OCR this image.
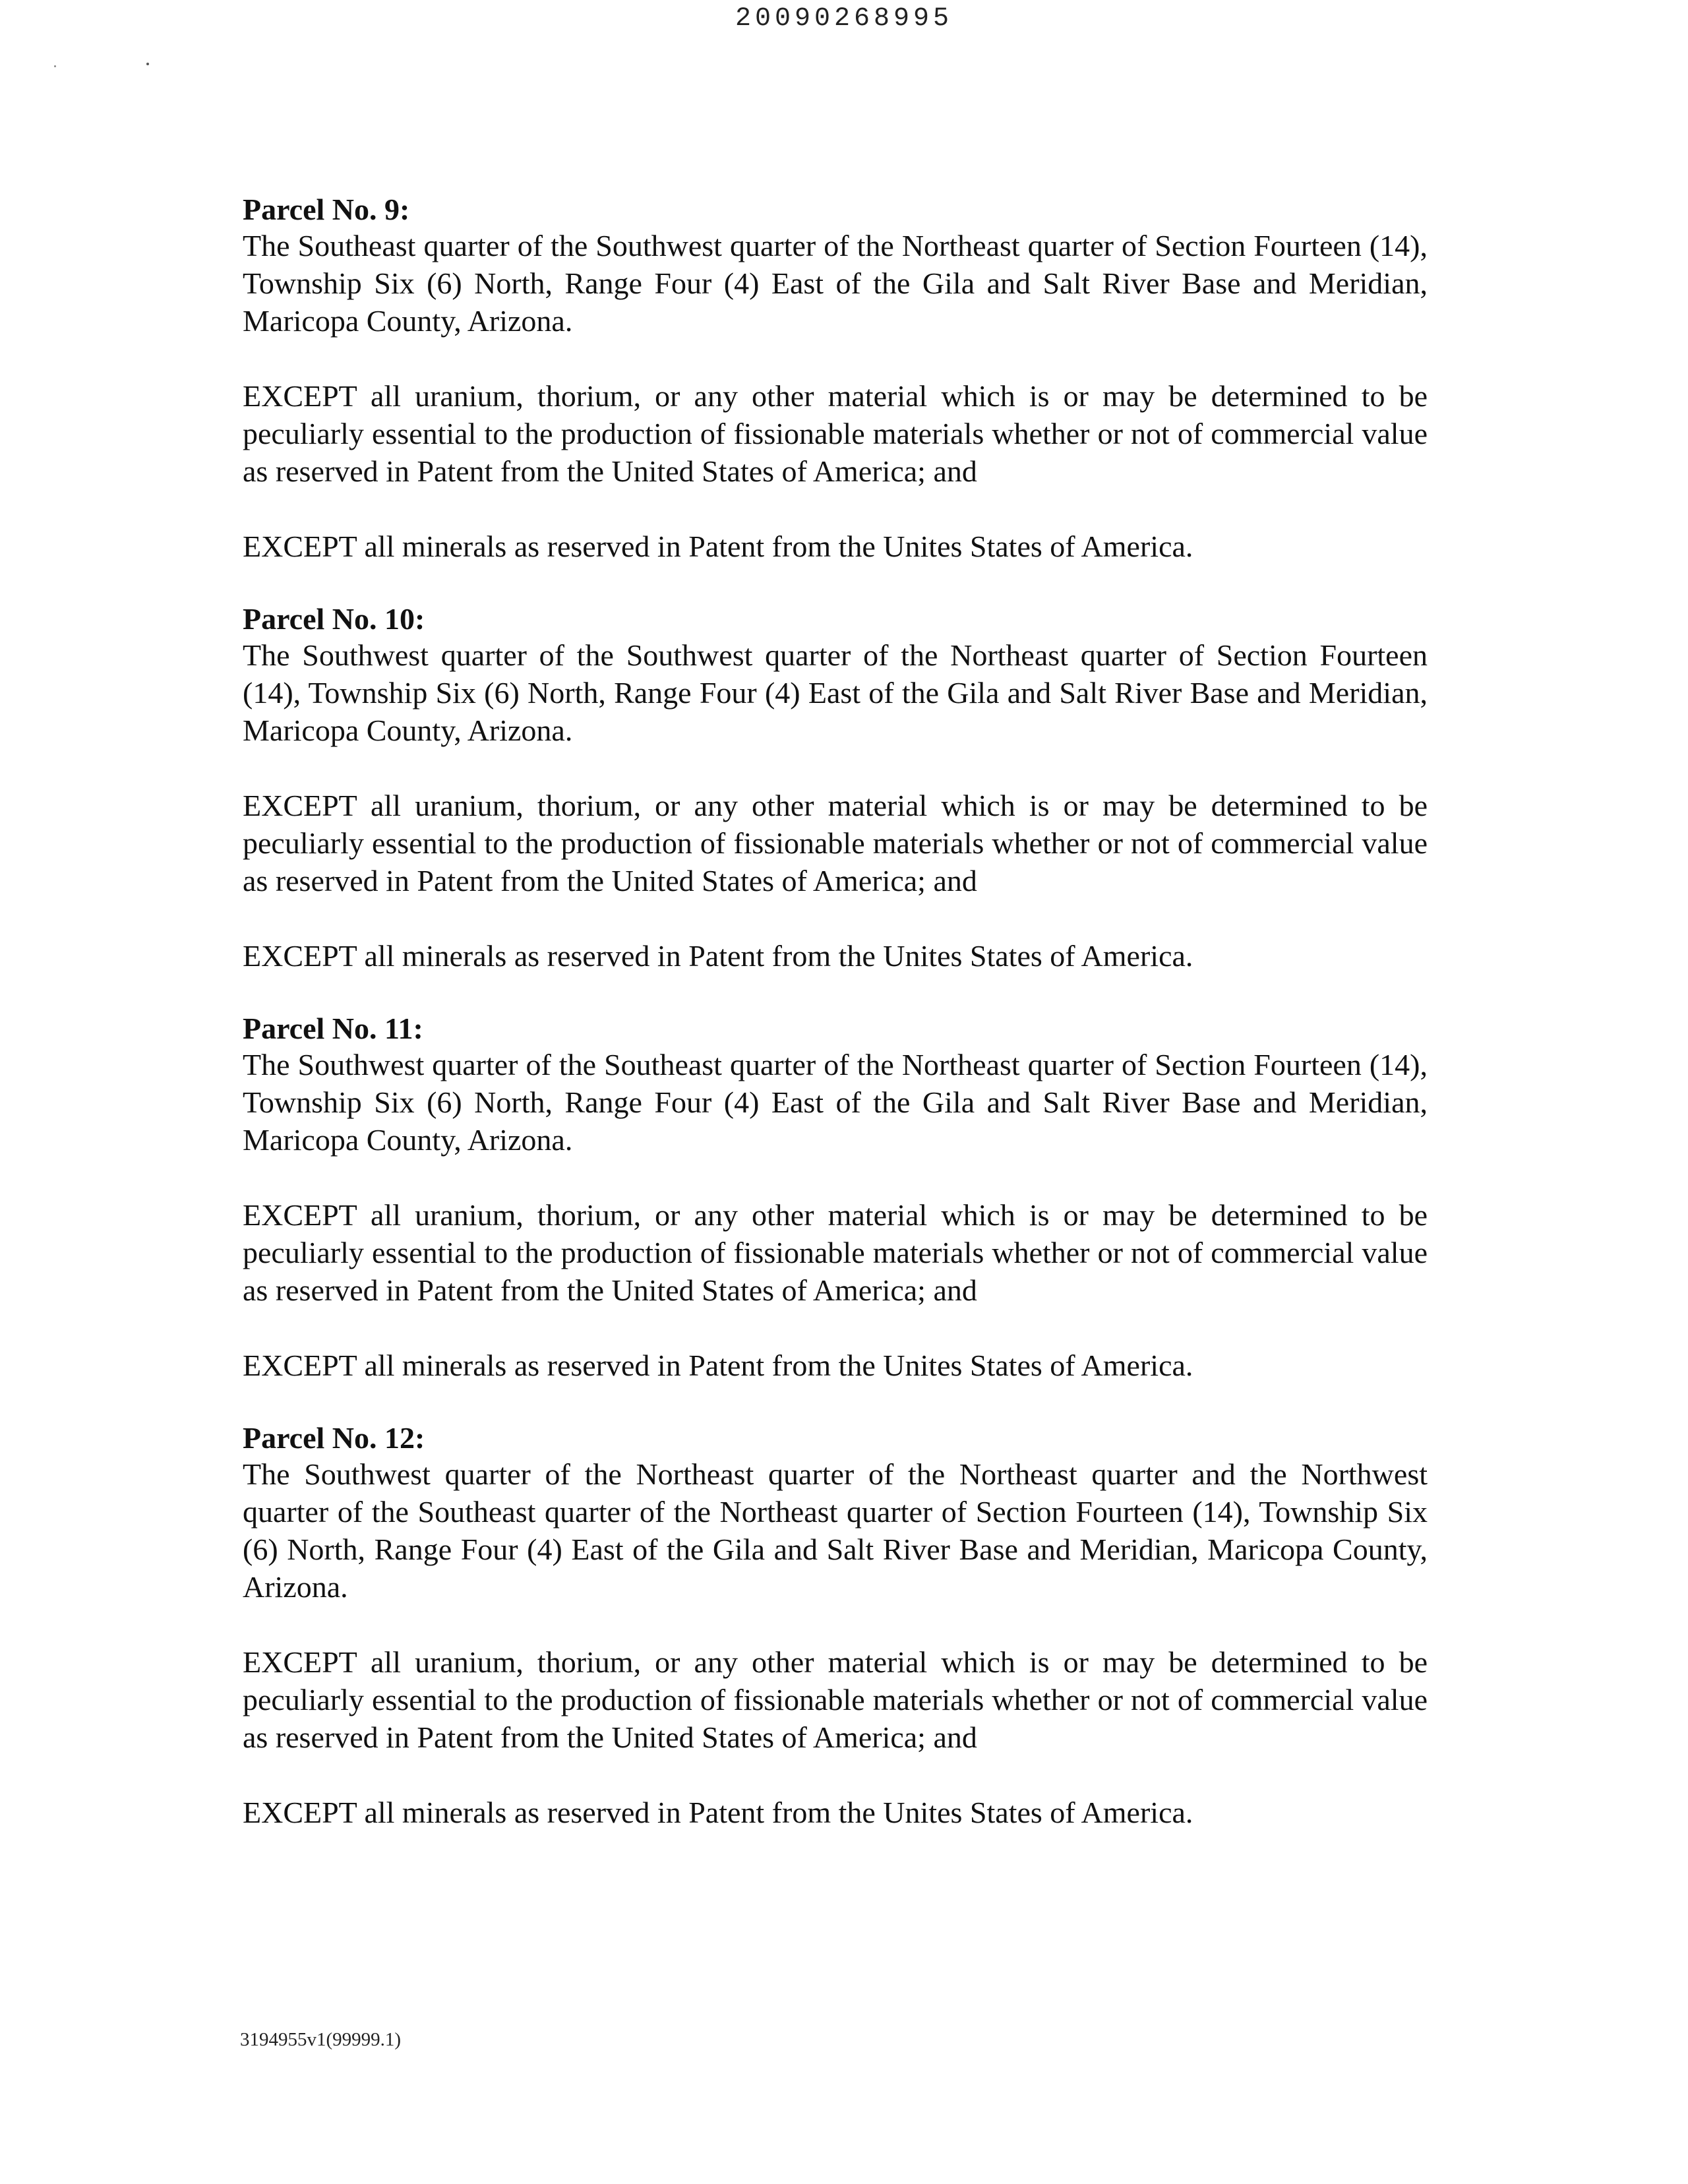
20090268995

Parcel No. 9:

The Southeast quarter of the Southwest quarter of the Northeast quarter of Section Fourteen (14), Township Six (6) North, Range Four (4) East of the Gila and Salt River Base and Meridian, Maricopa County, Arizona.

EXCEPT all uranium, thorium, or any other material which is or may be determined to be peculiarly essential to the production of fissionable materials whether or not of commercial value as reserved in Patent from the United States of America; and

EXCEPT all minerals as reserved in Patent from the Unites States of America.

Parcel No. 10:

The Southwest quarter of the Southwest quarter of the Northeast quarter of Section Fourteen (14), Township Six (6) North, Range Four (4) East of the Gila and Salt River Base and Meridian, Maricopa County, Arizona.

EXCEPT all uranium, thorium, or any other material which is or may be determined to be peculiarly essential to the production of fissionable materials whether or not of commercial value as reserved in Patent from the United States of America; and

EXCEPT all minerals as reserved in Patent from the Unites States of America.

Parcel No. 11:

The Southwest quarter of the Southeast quarter of the Northeast quarter of Section Fourteen (14), Township Six (6) North, Range Four (4) East of the Gila and Salt River Base and Meridian, Maricopa County, Arizona.

EXCEPT all uranium, thorium, or any other material which is or may be determined to be peculiarly essential to the production of fissionable materials whether or not of commercial value as reserved in Patent from the United States of America; and

EXCEPT all minerals as reserved in Patent from the Unites States of America.

Parcel No. 12:

The Southwest quarter of the Northeast quarter of the Northeast quarter and the Northwest quarter of the Southeast quarter of the Northeast quarter of Section Fourteen (14), Township Six (6) North, Range Four (4) East of the Gila and Salt River Base and Meridian, Maricopa County, Arizona.

EXCEPT all uranium, thorium, or any other material which is or may be determined to be peculiarly essential to the production of fissionable materials whether or not of commercial value as reserved in Patent from the United States of America; and

EXCEPT all minerals as reserved in Patent from the Unites States of America.

3194955v1(99999.1)
